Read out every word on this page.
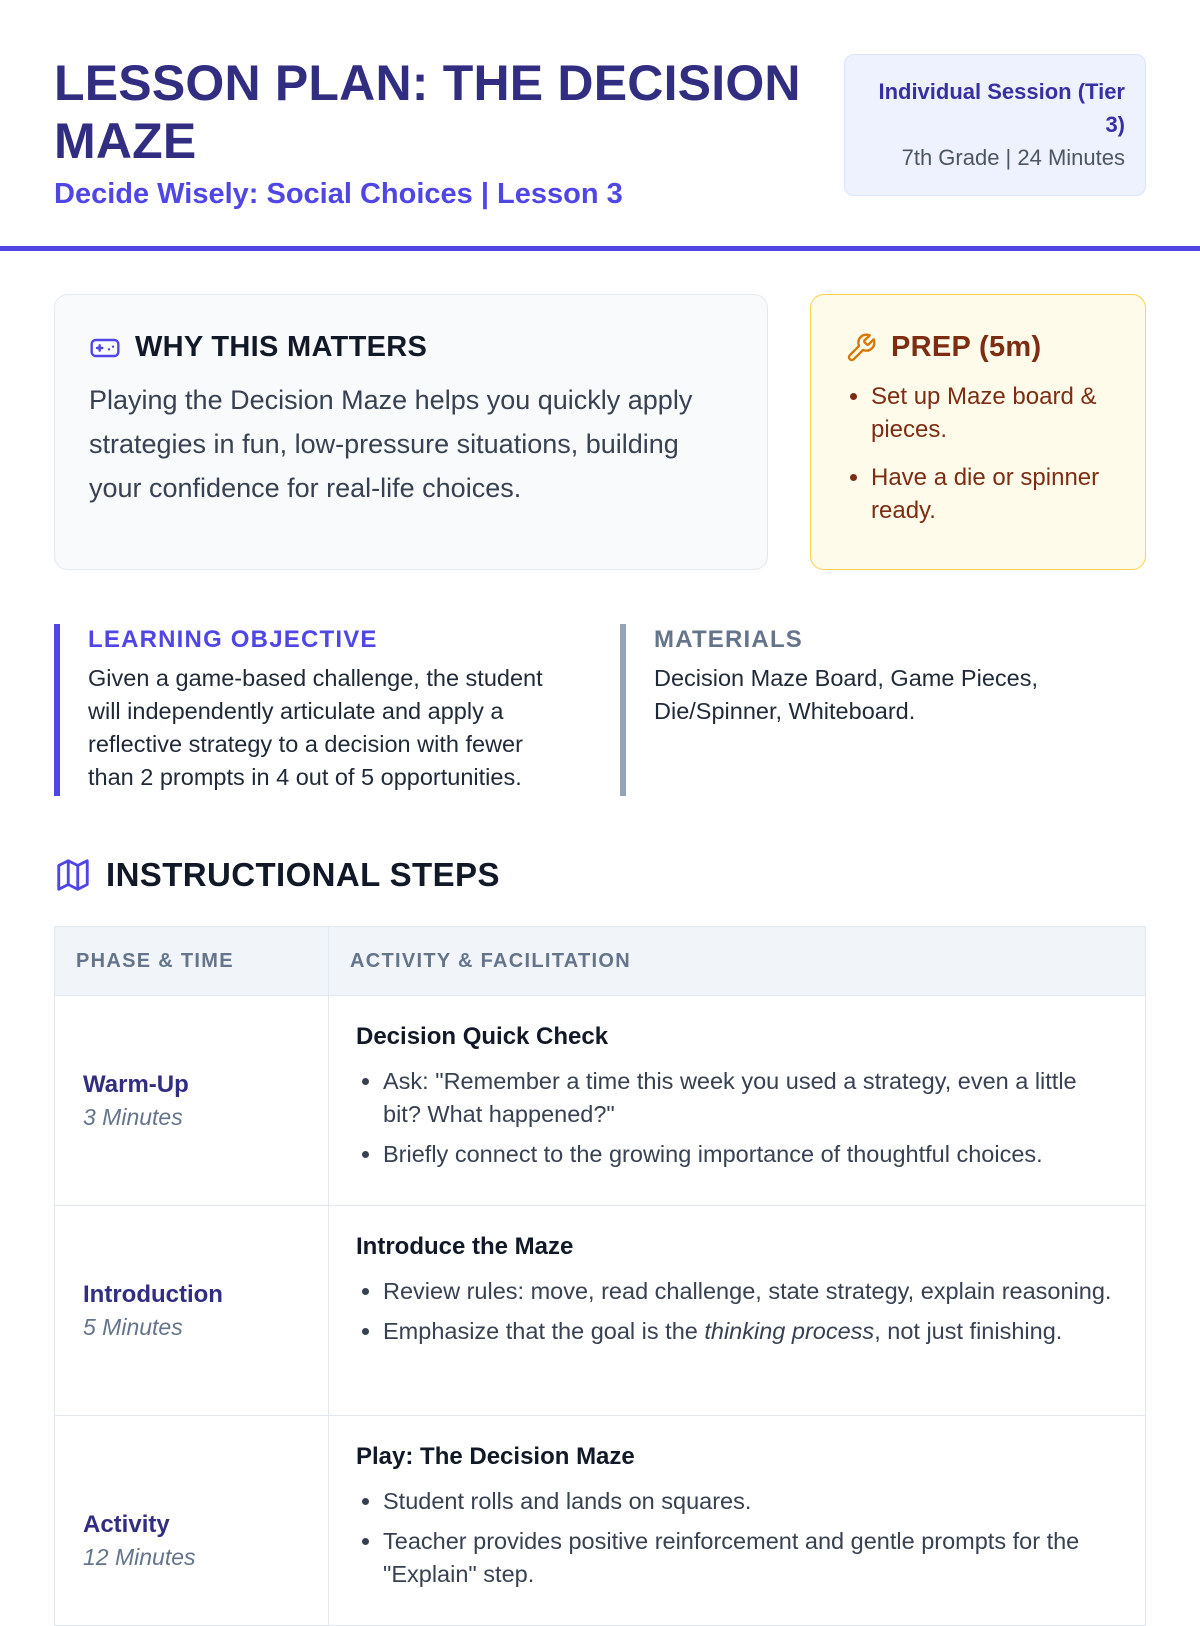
LESSON PLAN: THE DECISION MAZE
Decide Wisely: Social Choices | Lesson 3
Individual Session (Tier 3)
7th Grade | 24 Minutes
WHY THIS MATTERS
Playing the Decision Maze helps you quickly apply strategies in fun, low-pressure situations, building your confidence for real-life choices.
PREP (5m)
• Set up Maze board & pieces.
• Have a die or spinner ready.
LEARNING OBJECTIVE
Given a game-based challenge, the student will independently articulate and apply a reflective strategy to a decision with fewer than 2 prompts in 4 out of 5 opportunities.
MATERIALS
Decision Maze Board, Game Pieces, Die/Spinner, Whiteboard.
INSTRUCTIONAL STEPS
PHASE & TIME	ACTIVITY & FACILITATION
Warm-Up
3 Minutes
Decision Quick Check
• Ask: "Remember a time this week you used a strategy, even a little bit? What happened?"
• Briefly connect to the growing importance of thoughtful choices.
Introduction
5 Minutes
Introduce the Maze
• Review rules: move, read challenge, state strategy, explain reasoning.
• Emphasize that the goal is the thinking process, not just finishing.
Activity
12 Minutes
Play: The Decision Maze
• Student rolls and lands on squares.
• Teacher provides positive reinforcement and gentle prompts for the "Explain" step.
